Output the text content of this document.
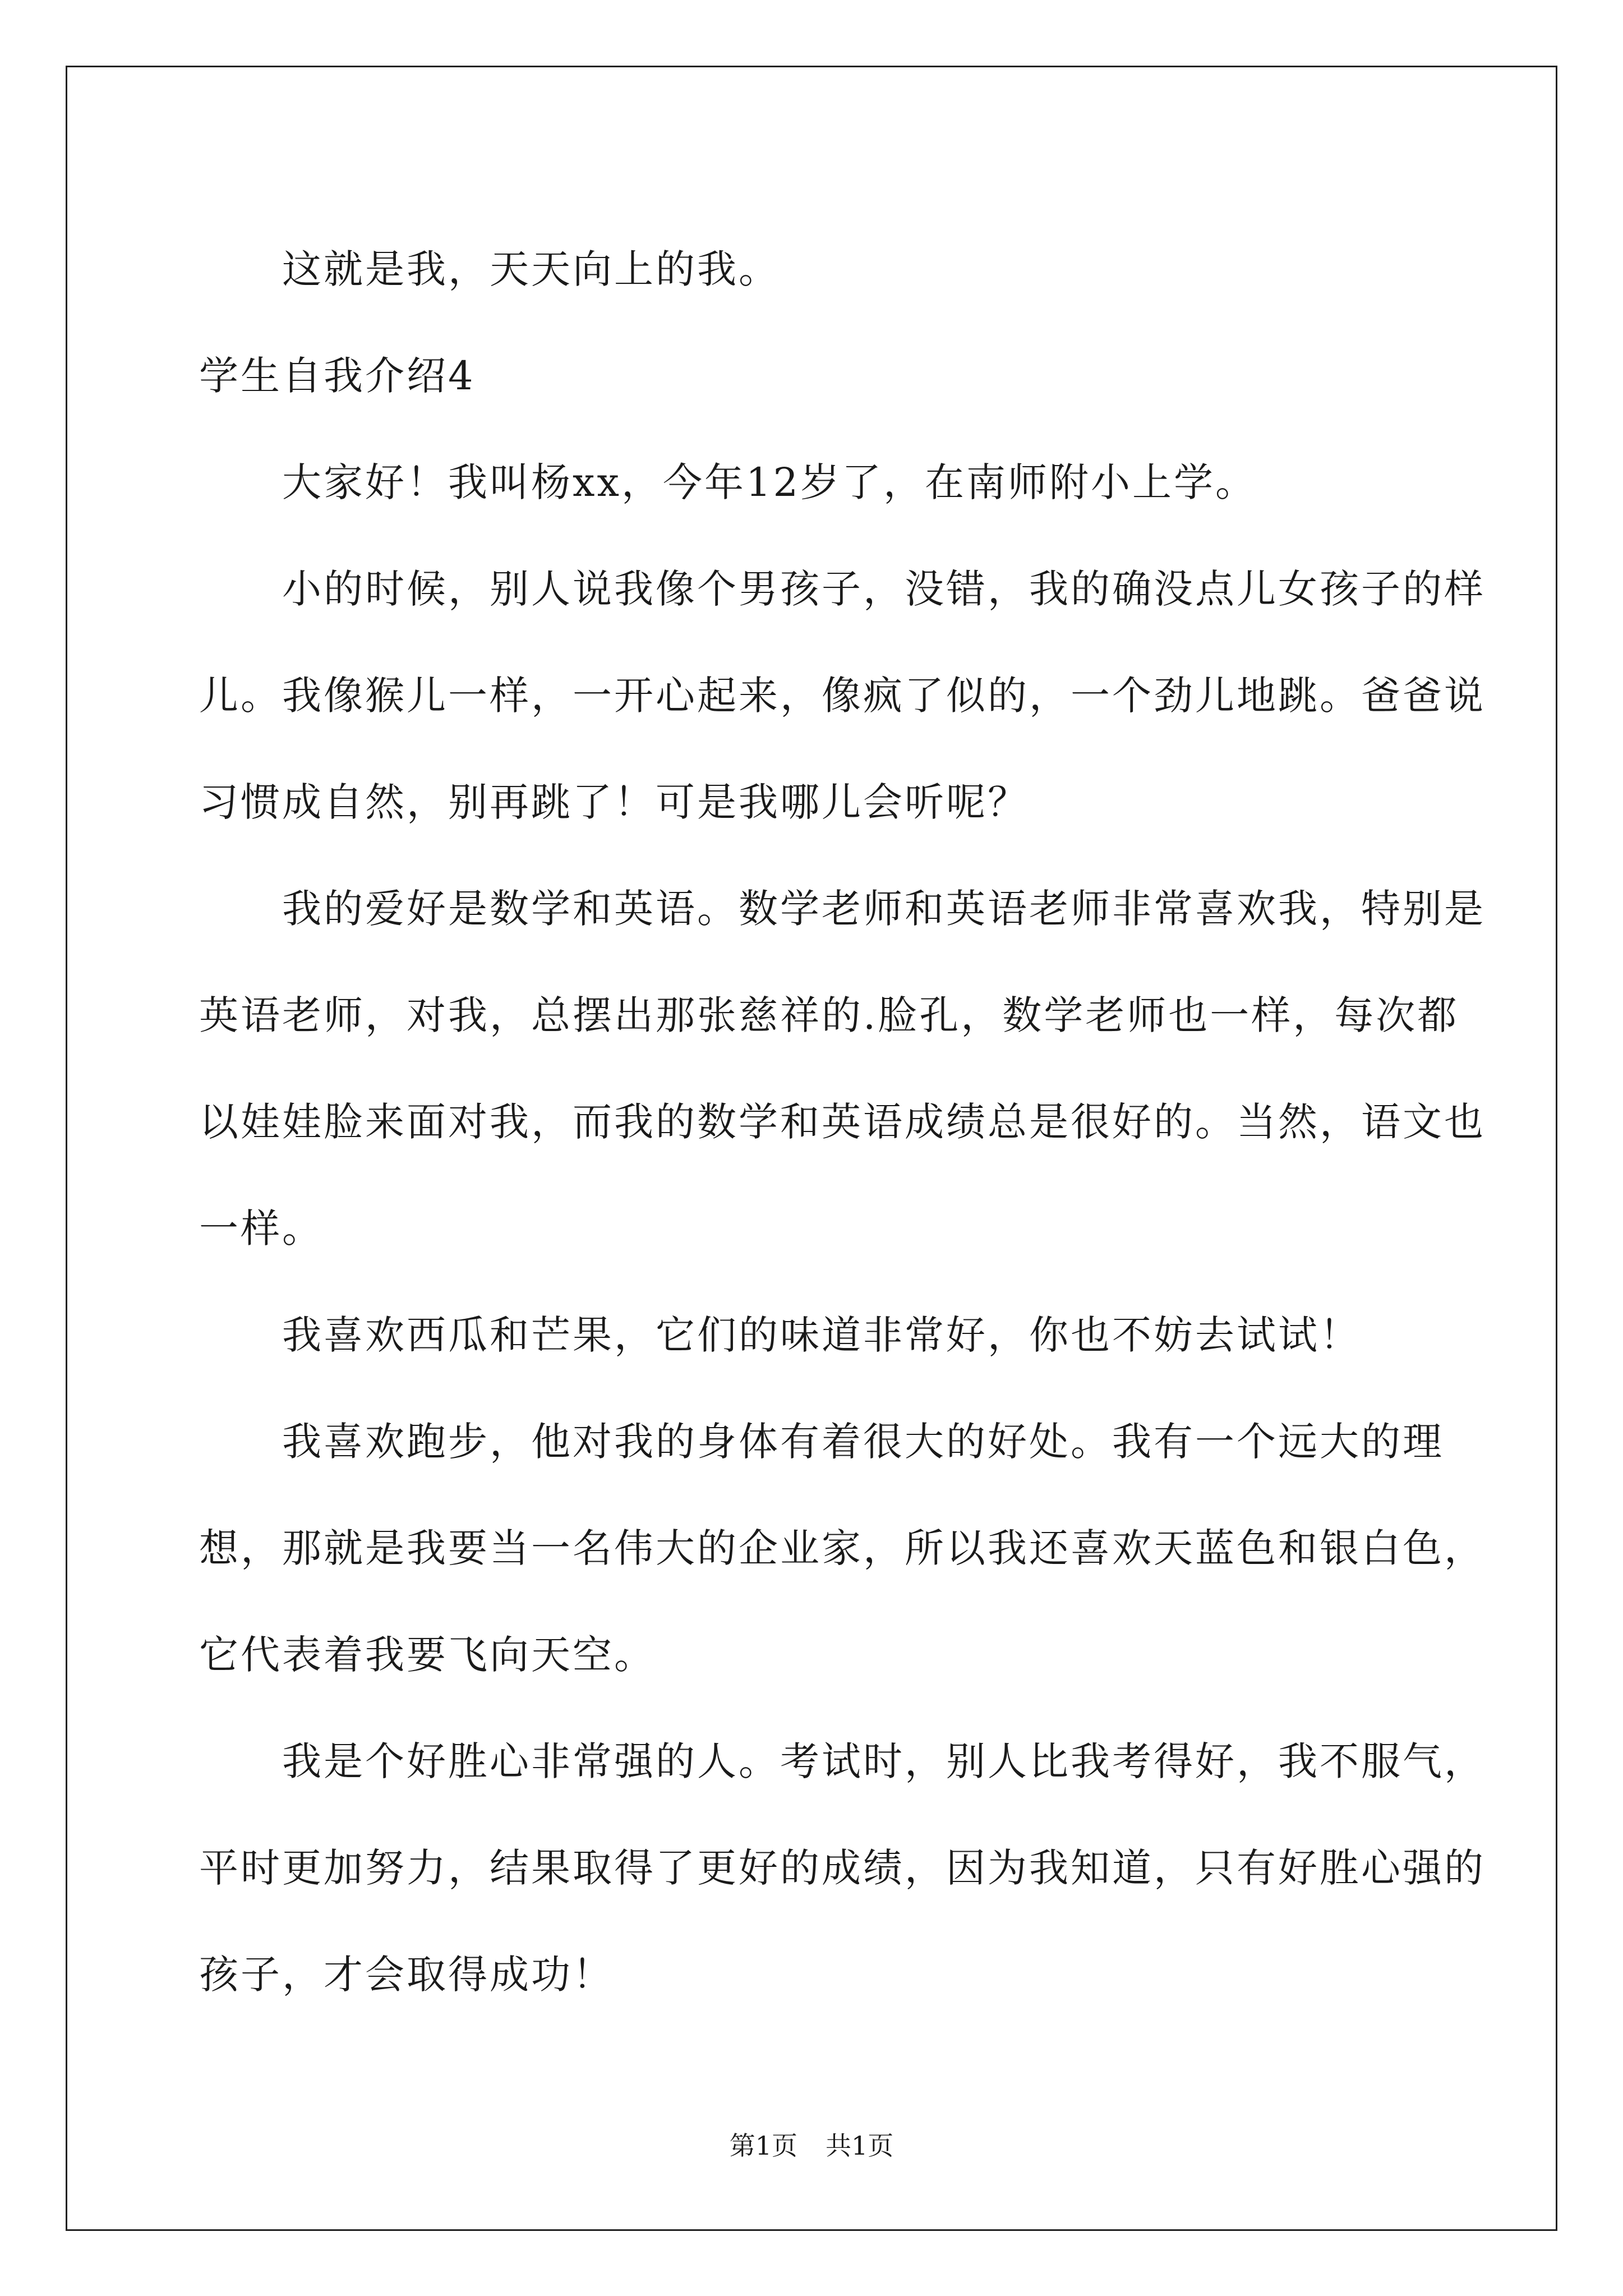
这就是我，天天向上的我。

学生自我介绍4

大家好！我叫杨xx，今年12岁了，在南师附小上学。

小的时候，别人说我像个男孩子，没错，我的确没点儿女孩子的样儿。我像猴儿一样，一开心起来，像疯了似的，一个劲儿地跳。爸爸说习惯成自然，别再跳了！可是我哪儿会听呢？

我的爱好是数学和英语。数学老师和英语老师非常喜欢我，特别是英语老师，对我，总摆出那张慈祥的.脸孔，数学老师也一样，每次都以娃娃脸来面对我，而我的数学和英语成绩总是很好的。当然，语文也一样。

我喜欢西瓜和芒果，它们的味道非常好，你也不妨去试试！

我喜欢跑步，他对我的身体有着很大的好处。我有一个远大的理想，那就是我要当一名伟大的企业家，所以我还喜欢天蓝色和银白色，它代表着我要飞向天空。

我是个好胜心非常强的人。考试时，别人比我考得好，我不服气，平时更加努力，结果取得了更好的成绩，因为我知道，只有好胜心强的孩子，才会取得成功！

第1页 共1页
